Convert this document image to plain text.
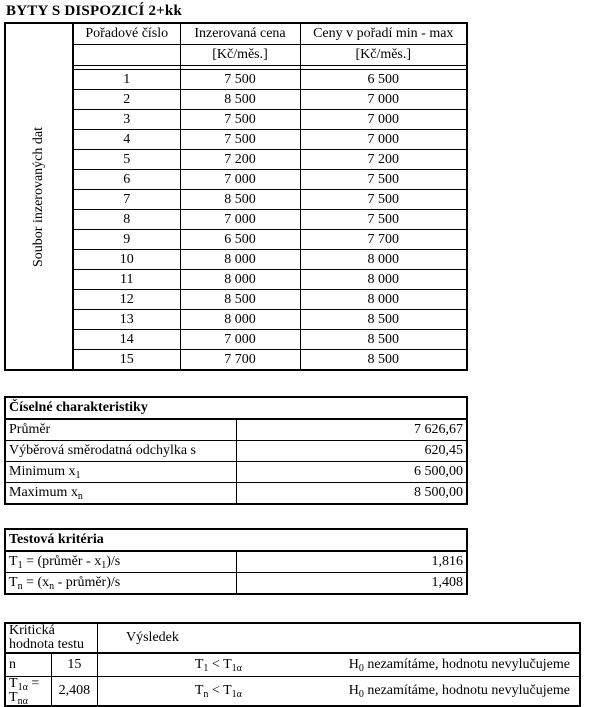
BYTY S DISPOZICÍ 2+kk
Soubor inzerovaných dat	Pořadové číslo	Inzerovaná cena	Ceny v pořadí min - max
		[Kč/měs.]	[Kč/měs.]

	1	7 500	6 500
	2	8 500	7 000
	3	7 500	7 000
	4	7 500	7 000
	5	7 200	7 200
	6	7 000	7 500
	7	8 500	7 500
	8	7 000	7 500
	9	6 500	7 700
	10	8 000	8 000
	11	8 000	8 000
	12	8 500	8 000
	13	8 000	8 500
	14	7 000	8 500
	15	7 700	8 500
Číselné charakteristiky	
Průměr	7 626,67
Výběrová směrodatná odchylka s	620,45
Minimum $x_1$	6 500,00
Maximum $x_n$	8 500,00
Testová kritéria	
$T_1$ = (průměr - $x_1)/s$	1,816
$T_n = (x_n$ - průměr)/s	1,408
Kritická hodnota testu		Výsledek	
n	15	$T_1 < T_{1\alpha}$	$H_0$ nezamítáme, hodnotu nevylučujeme
$T_{1\alpha} = T_{n\alpha}$	2,408	$T_n < T_{1\alpha}$	$H_0$ nezamítáme, hodnotu nevylučujeme
